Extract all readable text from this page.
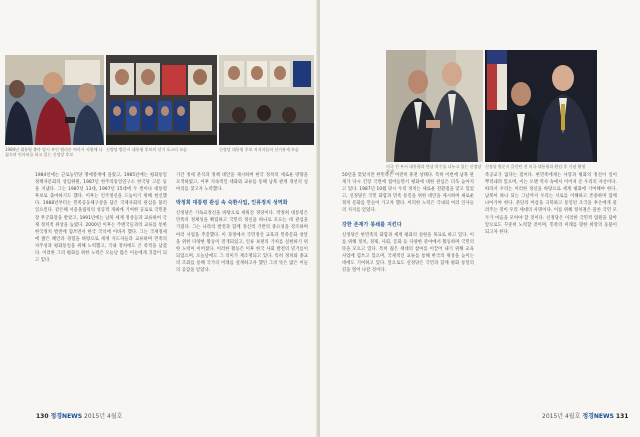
1984년 대통령 출마 당시 부인 앨리슨 여사가 지원에 나섰으며 인터뷰를 하고 있는 신정당 후보
신정당 방문시 대통령 후보의 선거 포스터 모습	신정당 대통령 후보 지지자들의 선거유세 모습
1984년에는 근로농민당 명예총재에 올랐고, 1985년에는 평화통일정책자문회의 상임위원, 1987년 한주의통일연구소 한국당 고문 등을 지냈다. 그는 1987년 13대, 1997년 15대에 두 번이나 대통령 후보로 출마하기도 했다. 이후는 인주정신을 드높이기 위해 헌신했다. 1988년부터는 민족공동체구상을 담은 국제사회의 관심을 불러일으킨다. 같은해 서울올림픽의 성공적 개최에 기여한 공로로 국민훈장 무궁화장을 받았고, 1991년에는 남북 세계 정상들과 교류하여 국제 정치적 위상을 높였다. 2000년 이후는 주변국들과의 교류를 통한 한국정치 발전에 힘쓰면서 한국 국익에 이바지 했다. 그는 국제정세에 밝은 혜안과 경험을 바탕으로 세계 지도자들과 교류하며 민족의 자주성과 평화통일을 위해 노력했고, 국내 정치에도 큰 족적을 남겼다. 이러한 그의 평화를 위한 노력은 오늘날 많은 이들에게 귀감이 되고 있다.
기간 정세 분석과 정책 대안을 제시하며 한국 정치의 새로운 방향을 모색하였고, 이후 지속적인 대화와 교류를 통해 남북 관계 개선의 실마리를 찾고자 노력했다.
박정희 대통령 관심 속 숙환사업, 인류정치 성역화
신정당은 기독교정신을 바탕으로 세워진 정당이다. 박정희 대통령은 민족의 정체성을 확립하고 국민의 정신을 하나로 모으는 데 관심을 가졌다. 그는 나라의 발전과 함께 정신적 기반의 중요성을 강조하며 여러 사업을 추진했다. 이 과정에서 국민정신 교육과 민족문화 창달을 위한 다양한 활동이 전개되었고, 인류 보편의 가치를 실현하기 위한 노력이 이어졌다. 이러한 활동은 이후 한국 사회 발전의 밑거름이 되었으며, 오늘날에도 그 의미가 재조명되고 있다. 특히 정치와 종교의 조화를 통해 국가의 미래를 설계하고자 했던 그의 뜻은 많은 이들의 공감을 얻었다.
130 정경NEWS 2015년 4월호
미국 전 부시 대통령과 만남 악수를 나누고 있는 신정당 총재
신정당 방문시 클린턴 전 미국 대통령과 환담 후 기념 촬영
50년을 맞았지만 한민족은 여전히 휴전 상태다. 특히 이번에 남북 관계가 다시 긴장 국면에 접어들면서 평화에 대한 관심은 더욱 높아지고 있다. 1987년 10월 당시 우리 정치는 새로운 전환점을 맞고 있었고, 신정당은 국민 화합과 민족 통일을 위한 대안을 제시하며 새로운 정치 문화를 만들어 가고자 했다. 이러한 노력은 국내외 여러 인사들의 지지를 얻었다.
강한 존재가 봉쇄를 지킨다
신정당은 한민족의 화합과 세계 평화의 실현을 목표로 하고 있다. 이를 위해 정치, 경제, 사회, 문화 등 다양한 분야에서 활동하며 국민의 뜻을 모으고 있다. 특히 젊은 세대의 참여를 이끌어 내기 위해 교육 사업에 힘쓰고 있으며, 국제적인 교류를 통해 한국의 위상을 높이는 데에도 기여하고 있다. 앞으로도 신정당은 국민과 함께 평화 통일의 길을 열어 나갈 것이다.
족공교가 없다는 점이다. 한민족에게는 사랑과 평화의 정신이 깊이 뿌리내려 있으며, 이는 오랜 역사 속에서 이어져 온 우리의 자산이다. 따라서 우리는 이러한 정신을 바탕으로 세계 평화에 기여해야 한다. 남북이 하나 되는 그날까지 우리는 서로를 이해하고 존중하며 함께 나아가야 한다. 분단의 아픔을 극복하고 통일된 조국을 후손에게 물려주는 것이 우리 세대의 사명이다. 이를 위해 정치권은 물론 국민 모두가 마음을 모아야 할 것이다. 신정당은 이러한 국민적 염원을 담아 앞으로도 꾸준히 노력할 것이며, 민족의 미래를 향한 희망의 등불이 되고자 한다.
2015년 4월호 정경NEWS 131
